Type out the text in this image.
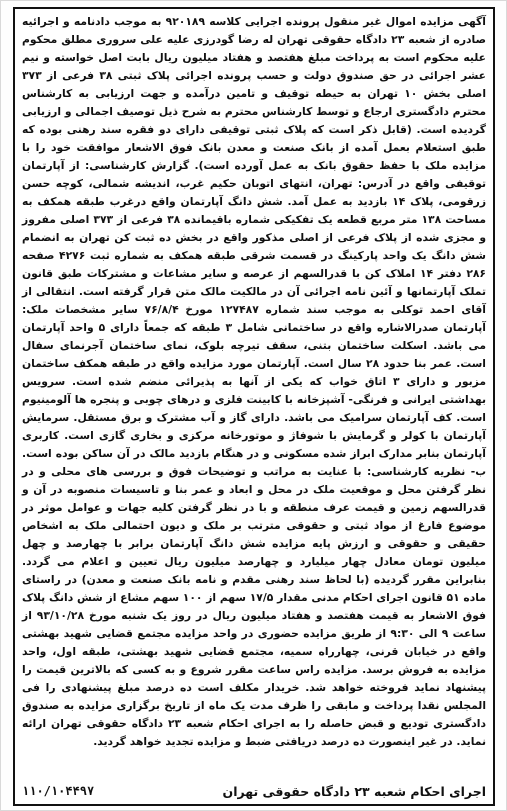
آگهی مزایده اموال غیر منقول پرونده اجرایی کلاسه ۹۲۰۱۸۹ به موجب دادنامه و اجرائیه صادره از شعبه ۲۳ دادگاه حقوقی تهران له رضا گودرزی علیه علی سروری مطلق محکوم علیه محکوم است به پرداخت مبلغ هفتصد و هفتاد میلیون ریال بابت اصل خواسته و نیم عشر اجرائی در حق صندوق دولت و حسب پرونده اجرائی پلاک ثبتی ۳۸ فرعی از ۳۷۳ اصلی بخش ۱۰ تهران به حیطه توقیف و تامین درآمده و جهت ارزیابی به کارشناس محترم دادگستری ارجاع و توسط کارشناس محترم به شرح ذیل توصیف اجمالی و ارزیابی گردیده است. (قابل ذکر است که پلاک ثبتی توقیفی دارای دو فقره سند رهنی بوده که طبق استعلام بعمل آمده از بانک صنعت و معدن بانک فوق الاشعار موافقت خود را با مزایده ملک با حفظ حقوق بانک به عمل آورده است). گزارش کارشناسی: از آپارتمان توقیفی واقع در آدرس: تهران، انتهای اتوبان حکیم غرب، اندیشه شمالی، کوچه حسن زرقومی، پلاک ۱۴ بازدید به عمل آمد. شش دانگ آپارتمان واقع درغرب طبقه همکف به مساحت ۱۳۸ متر مربع قطعه یک تفکیکی شماره باقیمانده ۳۸ فرعی از ۳۷۳ اصلی مفروز و مجزی شده از پلاک فرعی از اصلی مذکور واقع در بخش ده ثبت کن تهران به انضمام شش دانگ یک واحد پارکینگ در قسمت شرقی طبقه همکف به شماره ثبت ۴۲۷۶ صفحه ۲۸۶ دفتر ۱۴ املاک کن با قدرالسهم از عرصه و سایر مشاعات و مشترکات طبق قانون تملک آپارتمانها و آئین نامه اجرائی آن در مالکیت مالک متن قرار گرفته است. انتقالی از آقای احمد توکلی به موجب سند شماره ۱۲۷۴۸۷ مورخ ۷۶/۸/۴ سایر مشخصات ملک: آپارتمان صدرالاشاره واقع در ساختمانی شامل ۳ طبقه که جمعاً دارای ۵ واحد آپارتمان می باشد. اسکلت ساختمان بتنی، سقف تیرچه بلوک، نمای ساختمان آجرنمای سفال است. عمر بنا حدود ۲۸ سال است. آپارتمان مورد مزایده واقع در طبقه همکف ساختمان مزبور و دارای ۳ اتاق خواب که یکی از آنها به پذیرائی منضم شده است. سرویس بهداشتی ایرانی و فرنگی- آشپزخانه با کابینت فلزی و درهای چوبی و پنجره ها آلومینیوم است. کف آپارتمان سرامیک می باشد. دارای گاز و آب مشترک و برق مستقل. سرمایش آپارتمان با کولر و گرمایش با شوفاژ و موتورخانه مرکزی و بخاری گازی است. کاربری آپارتمان بنابر مدارک ابراز شده مسکونی و در هنگام بازدید مالک در آن ساکن بوده است. ب- نظریه کارشناسی: با عنایت به مراتب و توضیحات فوق و بررسی های محلی و در نظر گرفتن محل و موقعیت ملک در محل و ابعاد و عمر بنا و تاسیسات منصوبه در آن و قدرالسهم زمین و قیمت عرف منطقه و با در نظر گرفتن کلیه جهات و عوامل موثر در موضوع فارغ از مواد ثبتی و حقوقی مترتب بر ملک و دیون احتمالی ملک به اشخاص حقیقی و حقوقی و ارزش پایه مزایده شش دانگ آپارتمان برابر با چهارصد و چهل میلیون تومان معادل چهار میلیارد و چهارصد میلیون ریال تعیین و اعلام می گردد. بنابراین مقرر گردیده (با لحاظ سند رهنی مقدم و نامه بانک صنعت و معدن) در راستای ماده ۵۱ قانون اجرای احکام مدنی مقدار ۱۷/۵ سهم از ۱۰۰ سهم مشاع از شش دانگ پلاک فوق الاشعار به قیمت هفتصد و هفتاد میلیون ریال در روز یک شنبه مورخ ۹۳/۱۰/۲۸ از ساعت ۹ الی ۹:۳۰ از طریق مزایده حضوری در واحد مزایده مجتمع قضایی شهید بهشتی واقع در خیابان قرنی، چهارراه سمیه، مجتمع قضایی شهید بهشتی، طبقه اول، واحد مزایده به فروش برسد. مزایده راس ساعت مقرر شروع و به کسی که بالاترین قیمت را پیشنهاد نماید فروخته خواهد شد. خریدار مکلف است ده درصد مبلغ پیشنهادی را فی المجلس نقدا پرداخت و مابقی را ظرف مدت یک ماه از تاریخ برگزاری مزایده به صندوق دادگستری تودیع و قبض حاصله را به اجرای احکام شعبه ۲۳ دادگاه حقوقی تهران ارائه نماید. در غیر اینصورت ده درصد دریافتی ضبط و مزایده تجدید خواهد گردید.

اجرای احکام شعبه ۲۳ دادگاه حقوقی تهران
۱۱۰/۱۰۴۴۹۷
